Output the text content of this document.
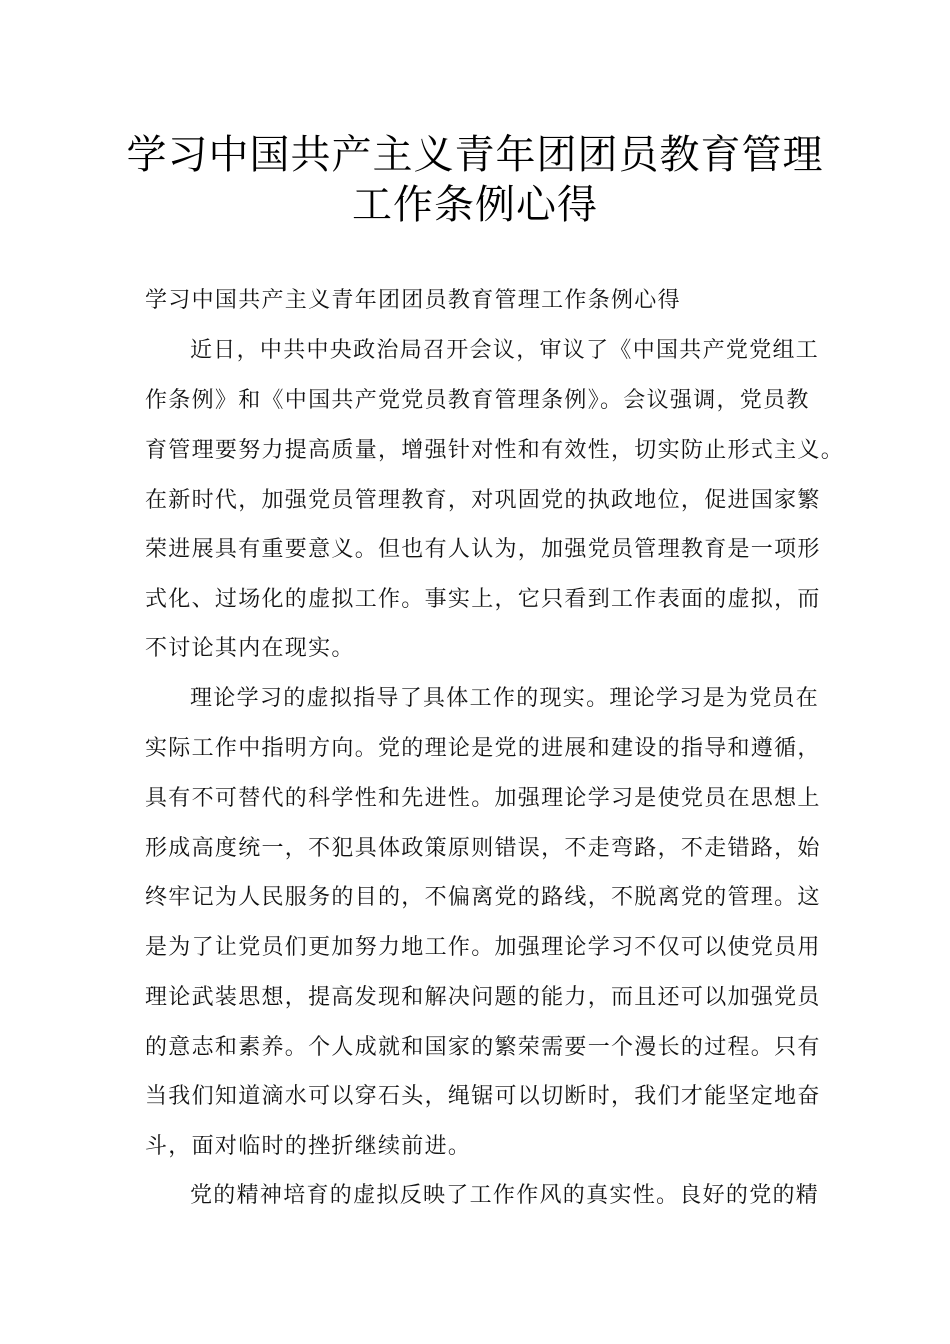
学习中国共产主义青年团团员教育管理
工作条例心得
学习中国共产主义青年团团员教育管理工作条例心得
近日，中共中央政治局召开会议，审议了《中国共产党党组工
作条例》和《中国共产党党员教育管理条例》。会议强调，党员教
育管理要努力提高质量，增强针对性和有效性，切实防止形式主义。
在新时代，加强党员管理教育，对巩固党的执政地位，促进国家繁
荣进展具有重要意义。但也有人认为，加强党员管理教育是一项形
式化、过场化的虚拟工作。事实上，它只看到工作表面的虚拟，而
不讨论其内在现实。
理论学习的虚拟指导了具体工作的现实。理论学习是为党员在
实际工作中指明方向。党的理论是党的进展和建设的指导和遵循，
具有不可替代的科学性和先进性。加强理论学习是使党员在思想上
形成高度统一，不犯具体政策原则错误，不走弯路，不走错路，始
终牢记为人民服务的目的，不偏离党的路线，不脱离党的管理。这
是为了让党员们更加努力地工作。加强理论学习不仅可以使党员用
理论武装思想，提高发现和解决问题的能力，而且还可以加强党员
的意志和素养。个人成就和国家的繁荣需要一个漫长的过程。只有
当我们知道滴水可以穿石头，绳锯可以切断时，我们才能坚定地奋
斗，面对临时的挫折继续前进。
党的精神培育的虚拟反映了工作作风的真实性。良好的党的精
